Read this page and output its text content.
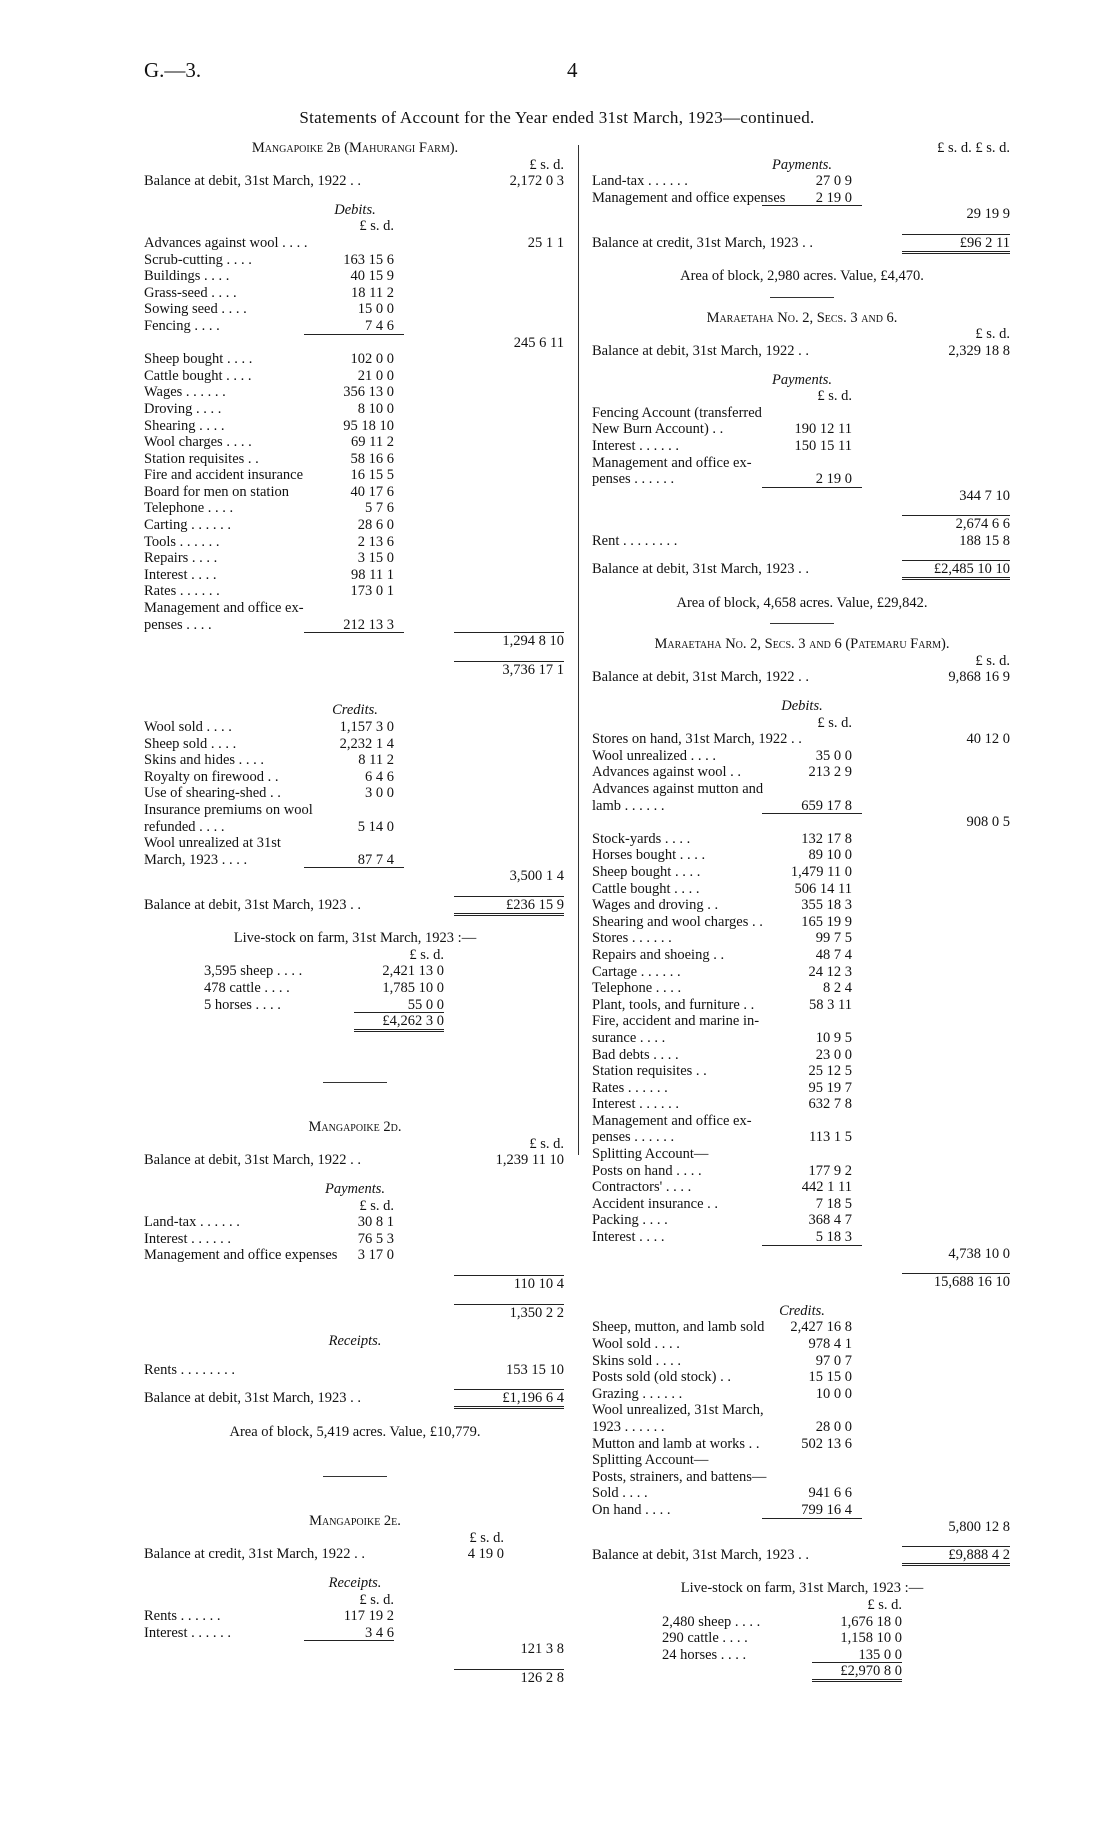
G.—3.	4
Statements of Account for the Year ended 31st March, 1923—continued.
Mangapoike 2b (Mahurangi Farm).
£ s. d.
Balance at debit, 31st March, 1922 . .	2,172 0 3
Debits.
£ s. d.
Advances against wool . . . .	25 1 1
Scrub-cutting . . . .	163 15 6
Buildings . . . .	40 15 9
Grass-seed . . . .	18 11 2
Sowing seed . . . .	15 0 0
Fencing . . . .	7 4 6
245 6 11
Sheep bought . . . .	102 0 0
Cattle bought . . . .	21 0 0
Wages . . . . . .	356 13 0
Droving . . . .	8 10 0
Shearing . . . .	95 18 10
Wool charges . . . .	69 11 2
Station requisites . .	58 16 6
Fire and accident insurance	16 15 5
Board for men on station	40 17 6
Telephone . . . .	5 7 6
Carting . . . . . .	28 6 0
Tools . . . . . .	2 13 6
Repairs . . . .	3 15 0
Interest . . . .	98 11 1
Rates . . . . . .	173 0 1
Management and office ex-
penses . . . .	212 13 3
1,294 8 10
3,736 17 1
Credits.
Wool sold . . . .	1,157 3 0
Sheep sold . . . .	2,232 1 4
Skins and hides . . . .	8 11 2
Royalty on firewood . .	6 4 6
Use of shearing-shed . .	3 0 0
Insurance premiums on wool
refunded . . . .	5 14 0
Wool unrealized at 31st
March, 1923 . . . .	87 7 4
3,500 1 4
Balance at debit, 31st March, 1923 . .	£236 15 9
Live-stock on farm, 31st March, 1923 :—
£ s. d.
3,595 sheep . . . .	2,421 13 0
478 cattle . . . .	1,785 10 0
5 horses . . . .	55 0 0
£4,262 3 0
Mangapoike 2d.
£ s. d.
Balance at debit, 31st March, 1922 . .	1,239 11 10
Payments.
£ s. d.
Land-tax . . . . . .	30 8 1
Interest . . . . . .	76 5 3
Management and office expenses	3 17 0
110 10 4
1,350 2 2
Receipts.
Rents . . . . . . . .	153 15 10
Balance at debit, 31st March, 1923 . .	£1,196 6 4
Area of block, 5,419 acres. Value, £10,779.
Mangapoike 2e.
£ s. d.
Balance at credit, 31st March, 1922 . .	4 19 0
Receipts.
£ s. d.
Rents . . . . . .	117 19 2
Interest . . . . . .	3 4 6
121 3 8
126 2 8
£ s. d. £ s. d.
Payments.
Land-tax . . . . . .	27 0 9
Management and office expenses	2 19 0
29 19 9
Balance at credit, 31st March, 1923 . .	£96 2 11
Area of block, 2,980 acres. Value, £4,470.
Maraetaha No. 2, Secs. 3 and 6.
£ s. d.
Balance at debit, 31st March, 1922 . .	2,329 18 8
Payments.
£ s. d.
Fencing Account (transferred
New Burn Account) . .	190 12 11
Interest . . . . . .	150 15 11
Management and office ex-
penses . . . . . .	2 19 0
344 7 10
2,674 6 6
Rent . . . . . . . .	188 15 8
Balance at debit, 31st March, 1923 . .	£2,485 10 10
Area of block, 4,658 acres. Value, £29,842.
Maraetaha No. 2, Secs. 3 and 6 (Patemaru Farm).
£ s. d.
Balance at debit, 31st March, 1922 . .	9,868 16 9
Debits.
£ s. d.
Stores on hand, 31st March, 1922 . .	40 12 0
Wool unrealized . . . .	35 0 0
Advances against wool . .	213 2 9
Advances against mutton and
lamb . . . . . .	659 17 8
908 0 5
Stock-yards . . . .	132 17 8
Horses bought . . . .	89 10 0
Sheep bought . . . .	1,479 11 0
Cattle bought . . . .	506 14 11
Wages and droving . .	355 18 3
Shearing and wool charges . .	165 19 9
Stores . . . . . .	99 7 5
Repairs and shoeing . .	48 7 4
Cartage . . . . . .	24 12 3
Telephone . . . .	8 2 4
Plant, tools, and furniture . .	58 3 11
Fire, accident and marine in-
surance . . . .	10 9 5
Bad debts . . . .	23 0 0
Station requisites . .	25 12 5
Rates . . . . . .	95 19 7
Interest . . . . . .	632 7 8
Management and office ex-
penses . . . . . .	113 1 5
Splitting Account—
Posts on hand . . . .	177 9 2
Contractors' . . . .	442 1 11
Accident insurance . .	7 18 5
Packing . . . .	368 4 7
Interest . . . .	5 18 3
4,738 10 0
15,688 16 10
Credits.
Sheep, mutton, and lamb sold	2,427 16 8
Wool sold . . . .	978 4 1
Skins sold . . . .	97 0 7
Posts sold (old stock) . .	15 15 0
Grazing . . . . . .	10 0 0
Wool unrealized, 31st March,
1923 . . . . . .	28 0 0
Mutton and lamb at works . .	502 13 6
Splitting Account—
Posts, strainers, and battens—
Sold . . . .	941 6 6
On hand . . . .	799 16 4
5,800 12 8
Balance at debit, 31st March, 1923 . .	£9,888 4 2
Live-stock on farm, 31st March, 1923 :—
£ s. d.
2,480 sheep . . . .	1,676 18 0
290 cattle . . . .	1,158 10 0
24 horses . . . .	135 0 0
£2,970 8 0
